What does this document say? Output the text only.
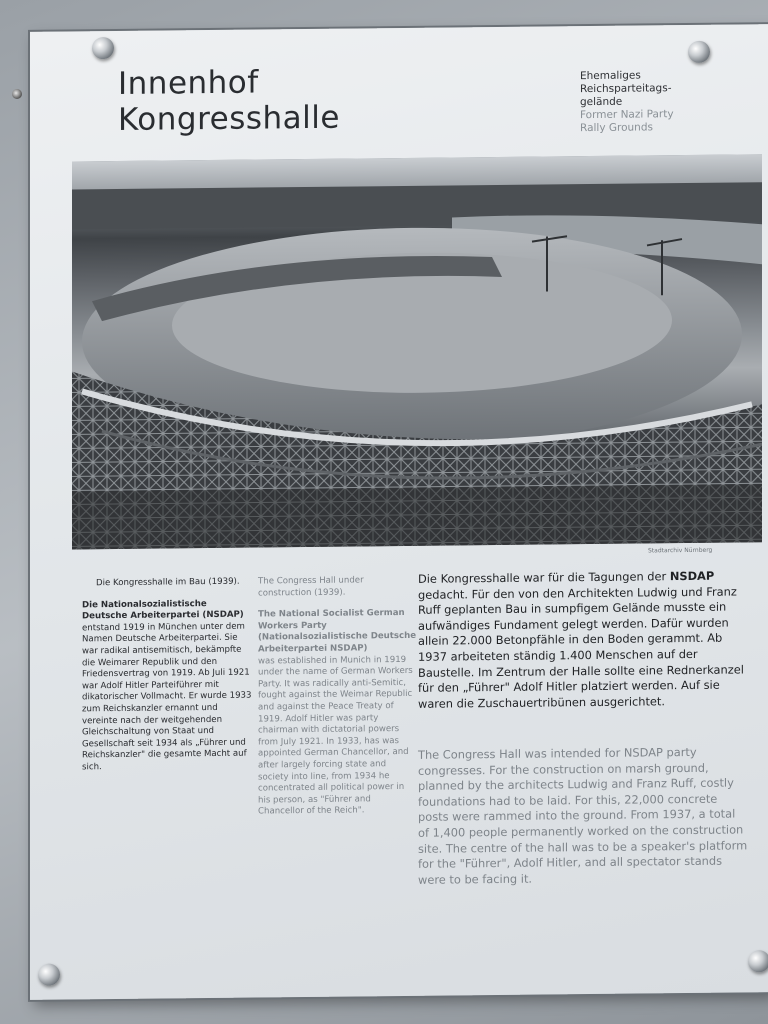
Innenhof
Kongresshalle
Ehemaliges
Reichsparteitags-
gelände
Former Nazi Party
Rally Grounds
Stadtarchiv Nürnberg

Die Kongresshalle im Bau (1939).

Die Nationalsozialistische Deutsche Arbeiterpartei (NSDAP)

entstand 1919 in München unter dem Namen Deutsche Arbeiterpartei. Sie war radikal antisemitisch, bekämpfte die Weimarer Republik und den Friedensvertrag von 1919. Ab Juli 1921 war Adolf Hitler Parteiführer mit dikatorischer Vollmacht. Er wurde 1933 zum Reichskanzler ernannt und vereinte nach der weitgehenden Gleichschaltung von Staat und Gesellschaft seit 1934 als „Führer und Reichskanzler" die gesamte Macht auf sich.

The Congress Hall under construction (1939).

The National Socialist German Workers Party (Nationalsozialistische Deutsche Arbeiterpartei NSDAP)

was established in Munich in 1919 under the name of German Workers Party. It was radically anti-Semitic, fought against the Weimar Republic and against the Peace Treaty of 1919. Adolf Hitler was party chairman with dictatorial powers from July 1921. In 1933, has was appointed German Chancellor, and after largely forcing state and society into line, from 1934 he concentrated all political power in his person, as "Führer and Chancellor of the Reich".

Die Kongresshalle war für die Tagungen der NSDAP gedacht. Für den von den Architekten Ludwig und Franz Ruff geplanten Bau in sumpfigem Gelände musste ein aufwändiges Fundament gelegt werden. Dafür wurden allein 22.000 Betonpfähle in den Boden gerammt. Ab 1937 arbeiteten ständig 1.400 Menschen auf der Baustelle. Im Zentrum der Halle sollte eine Rednerkanzel für den „Führer" Adolf Hitler platziert werden. Auf sie waren die Zuschauertribünen ausgerichtet.
The Congress Hall was intended for NSDAP party congresses. For the construction on marsh ground, planned by the architects Ludwig and Franz Ruff, costly foundations had to be laid. For this, 22,000 concrete posts were rammed into the ground. From 1937, a total of 1,400 people permanently worked on the construction site. The centre of the hall was to be a speaker's platform for the "Führer", Adolf Hitler, and all spectator stands were to be facing it.
